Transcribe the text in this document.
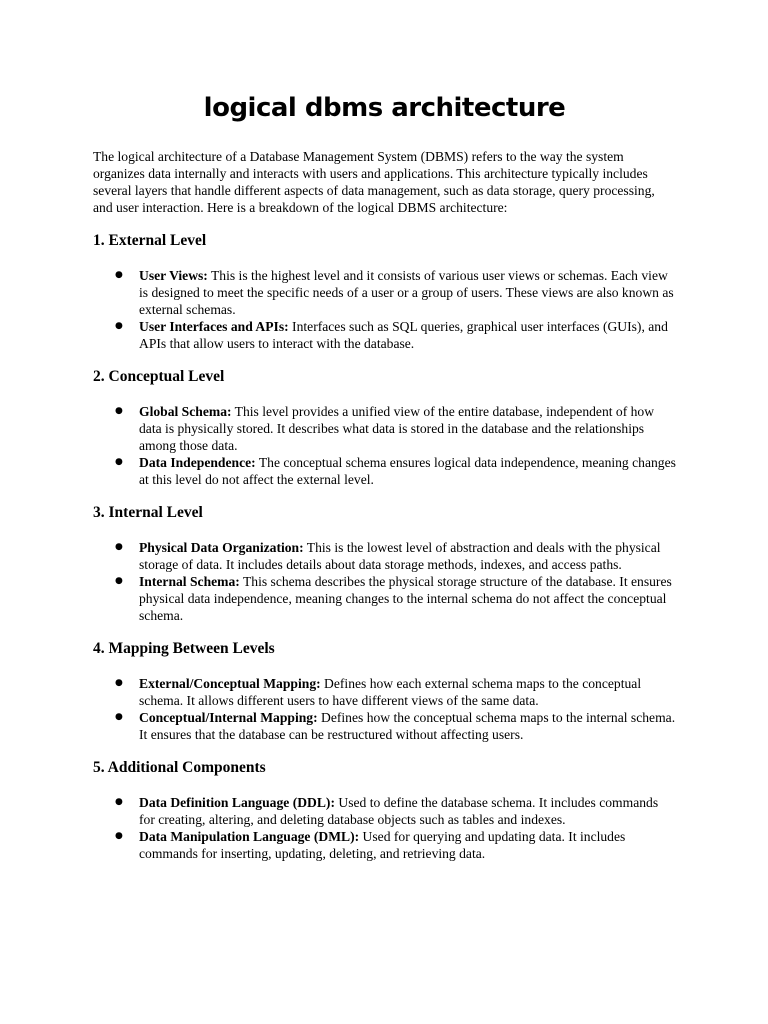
logical dbms architecture

The logical architecture of a Database Management System (DBMS) refers to the way the system organizes data internally and interacts with users and applications. This architecture typically includes several layers that handle different aspects of data management, such as data storage, query processing, and user interaction. Here is a breakdown of the logical DBMS architecture:

1. External Level
● User Views: This is the highest level and it consists of various user views or schemas. Each view is designed to meet the specific needs of a user or a group of users. These views are also known as external schemas.
● User Interfaces and APIs: Interfaces such as SQL queries, graphical user interfaces (GUIs), and APIs that allow users to interact with the database.
2. Conceptual Level
● Global Schema: This level provides a unified view of the entire database, independent of how data is physically stored. It describes what data is stored in the database and the relationships among those data.
● Data Independence: The conceptual schema ensures logical data independence, meaning changes at this level do not affect the external level.
3. Internal Level
● Physical Data Organization: This is the lowest level of abstraction and deals with the physical storage of data. It includes details about data storage methods, indexes, and access paths.
● Internal Schema: This schema describes the physical storage structure of the database. It ensures physical data independence, meaning changes to the internal schema do not affect the conceptual schema.
4. Mapping Between Levels
● External/Conceptual Mapping: Defines how each external schema maps to the conceptual schema. It allows different users to have different views of the same data.
● Conceptual/Internal Mapping: Defines how the conceptual schema maps to the internal schema. It ensures that the database can be restructured without affecting users.
5. Additional Components
● Data Definition Language (DDL): Used to define the database schema. It includes commands for creating, altering, and deleting database objects such as tables and indexes.
● Data Manipulation Language (DML): Used for querying and updating data. It includes commands for inserting, updating, deleting, and retrieving data.
